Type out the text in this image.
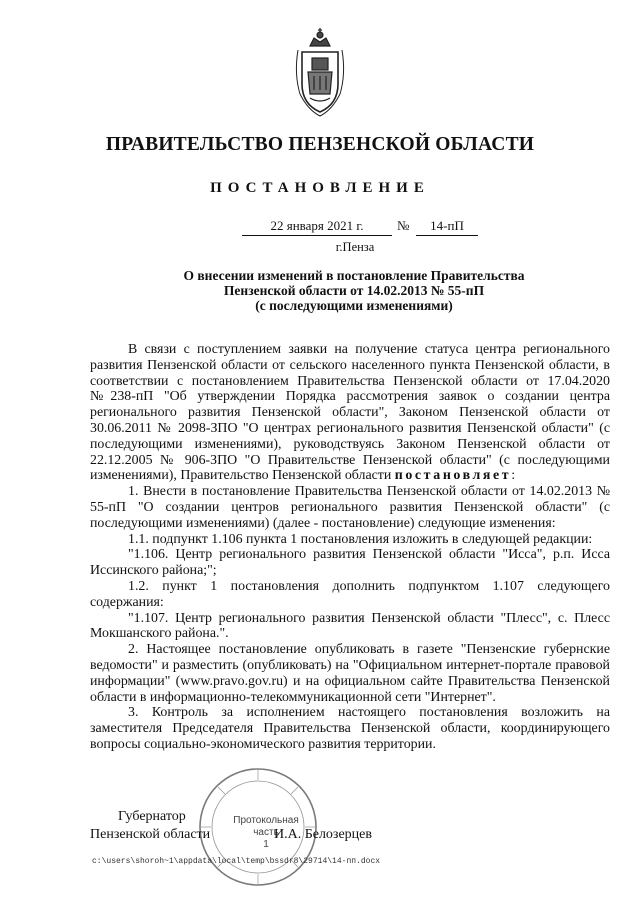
ПРАВИТЕЛЬСТВО ПЕНЗЕНСКОЙ ОБЛАСТИ
ПОСТАНОВЛЕНИЕ
22 января 2021 г.	№	14-пП
г.Пенза
О внесении изменений в постановление Правительства
Пензенской области от 14.02.2013 № 55-пП
(с последующими изменениями)

В связи с поступлением заявки на получение статуса центра регионального развития Пензенской области от сельского населенного пункта Пензенской области, в соответствии с постановлением Правительства Пензенской области от 17.04.2020 №238-пП "Об утверждении Порядка рассмотрения заявок о создании центра регионального развития Пензенской области", Законом Пензенской области от 30.06.2011 № 2098-ЗПО "О центрах регионального развития Пензенской области" (с последующими изменениями), руководствуясь Законом Пензенской области от 22.12.2005 № 906-ЗПО "О Правительстве Пензенской области" (с последующими изменениями), Правительство Пензенской области постановляет:

1. Внести в постановление Правительства Пензенской области от 14.02.2013 № 55-пП "О создании центров регионального развития Пензенской области" (с последующими изменениями) (далее - постановление) следующие изменения:

1.1. подпункт 1.106 пункта 1 постановления изложить в следующей редакции:

"1.106. Центр регионального развития Пензенской области "Исса", р.п. Исса Иссинского района;";

1.2. пункт 1 постановления дополнить подпунктом 1.107 следующего содержания:

"1.107. Центр регионального развития Пензенской области "Плесс", с. Плесс Мокшанского района.".

2. Настоящее постановление опубликовать в газете "Пензенские губернские ведомости" и разместить (опубликовать) на "Официальном интернет-портале правовой информации" (www.pravo.gov.ru) и на официальном сайте Правительства Пензенской области в информационно-телекоммуникационной сети "Интернет".

3. Контроль за исполнением настоящего постановления возложить на заместителя Председателя Правительства Пензенской области, координирующего вопросы социально-экономического развития территории.

Протокольная
часть
1
Губернатор
Пензенской области	И.А. Белозерцев
c:\users\shoroh~1\appdata\local\temp\bssdr8\29714\14-пп.docx
